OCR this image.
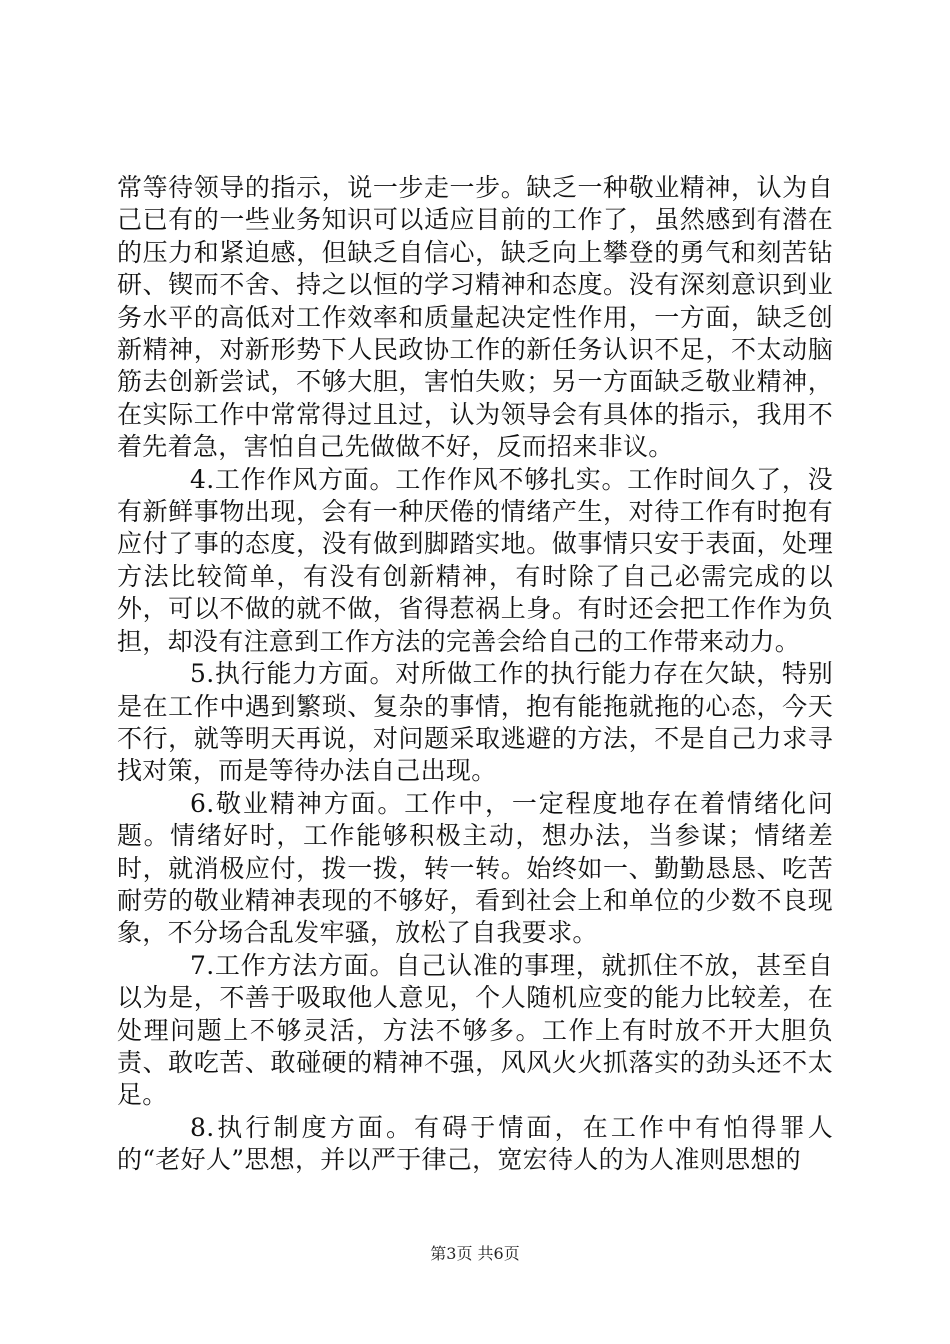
常等待领导的指示，说一步走一步。缺乏一种敬业精神，认为自己已有的一些业务知识可以适应目前的工作了，虽然感到有潜在的压力和紧迫感，但缺乏自信心，缺乏向上攀登的勇气和刻苦钻研、锲而不舍、持之以恒的学习精神和态度。没有深刻意识到业务水平的高低对工作效率和质量起决定性作用，一方面，缺乏创新精神，对新形势下人民政协工作的新任务认识不足，不太动脑筋去创新尝试，不够大胆，害怕失败；另一方面缺乏敬业精神，在实际工作中常常得过且过，认为领导会有具体的指示，我用不着先着急，害怕自己先做做不好，反而招来非议。

4.工作作风方面。工作作风不够扎实。工作时间久了，没有新鲜事物出现，会有一种厌倦的情绪产生，对待工作有时抱有应付了事的态度，没有做到脚踏实地。做事情只安于表面，处理方法比较简单，有没有创新精神，有时除了自己必需完成的以外，可以不做的就不做，省得惹祸上身。有时还会把工作作为负担，却没有注意到工作方法的完善会给自己的工作带来动力。

5.执行能力方面。对所做工作的执行能力存在欠缺，特别是在工作中遇到繁琐、复杂的事情，抱有能拖就拖的心态，今天不行，就等明天再说，对问题采取逃避的方法，不是自己力求寻找对策，而是等待办法自己出现。

6.敬业精神方面。工作中，一定程度地存在着情绪化问题。情绪好时，工作能够积极主动，想办法，当参谋；情绪差时，就消极应付，拨一拨，转一转。始终如一、勤勤恳恳、吃苦耐劳的敬业精神表现的不够好，看到社会上和单位的少数不良现象，不分场合乱发牢骚，放松了自我要求。

7.工作方法方面。自己认准的事理，就抓住不放，甚至自以为是，不善于吸取他人意见，个人随机应变的能力比较差，在处理问题上不够灵活，方法不够多。工作上有时放不开大胆负责、敢吃苦、敢碰硬的精神不强，风风火火抓落实的劲头还不太足。

8.执行制度方面。有碍于情面，在工作中有怕得罪人的“老好人”思想，并以严于律己，宽宏待人的为人准则思想的

第3页 共6页
